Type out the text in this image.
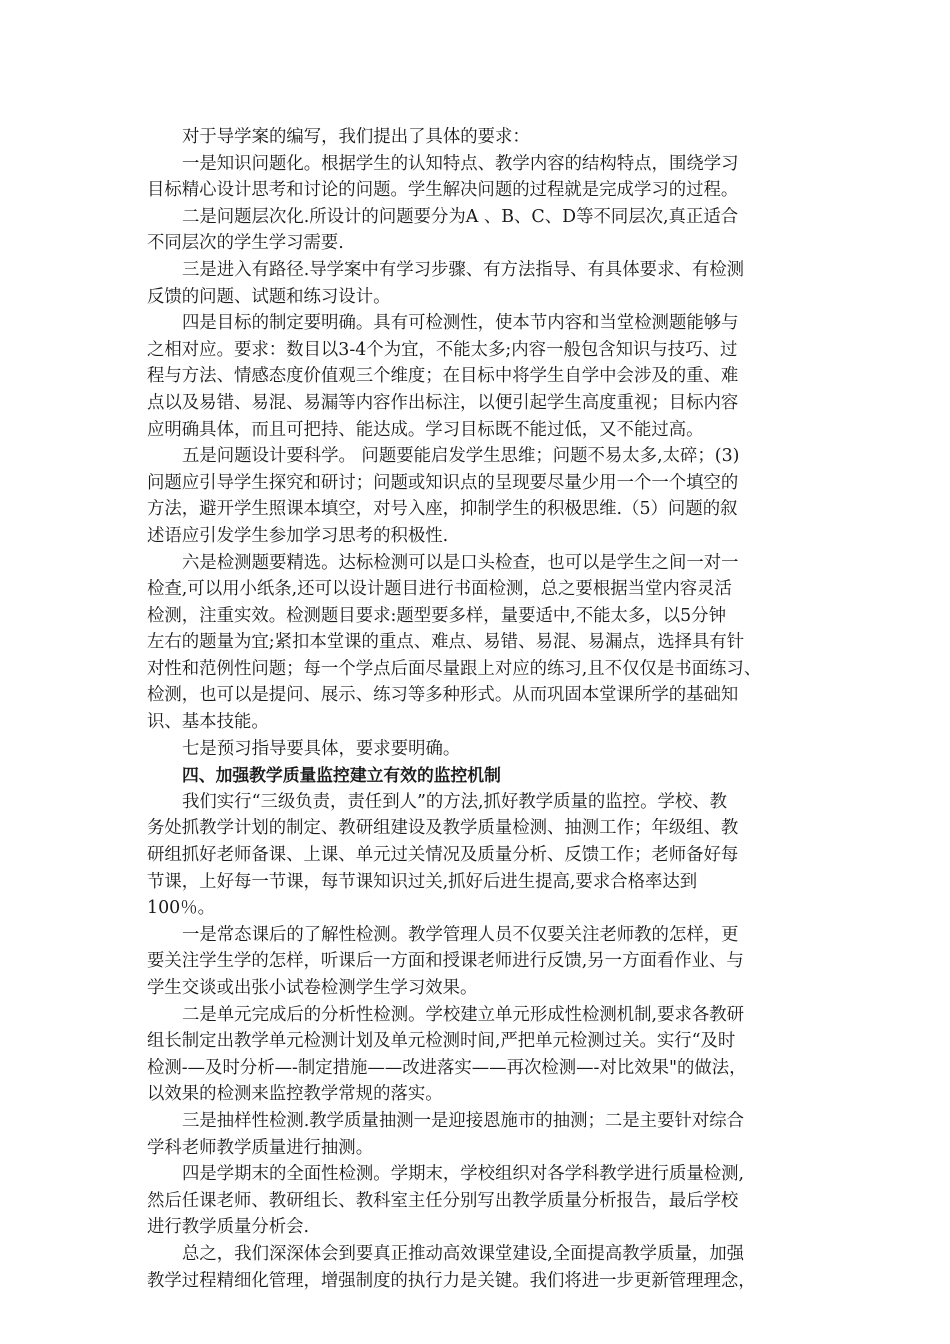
对于导学案的编写，我们提出了具体的要求：
一是知识问题化。根据学生的认知特点、教学内容的结构特点，围绕学习
目标精心设计思考和讨论的问题。学生解决问题的过程就是完成学习的过程。
二是问题层次化.所设计的问题要分为A 、B、C、D等不同层次,真正适合
不同层次的学生学习需要.
三是进入有路径.导学案中有学习步骤、有方法指导、有具体要求、有检测
反馈的问题、试题和练习设计。
四是目标的制定要明确。具有可检测性，使本节内容和当堂检测题能够与
之相对应。要求：数目以3-4个为宜，不能太多;内容一般包含知识与技巧、过
程与方法、情感态度价值观三个维度；在目标中将学生自学中会涉及的重、难
点以及易错、易混、易漏等内容作出标注，以便引起学生高度重视；目标内容
应明确具体，而且可把持、能达成。学习目标既不能过低，又不能过高。
五是问题设计要科学。 问题要能启发学生思维；问题不易太多,太碎；(3)
问题应引导学生探究和研讨；问题或知识点的呈现要尽量少用一个一个填空的
方法，避开学生照课本填空，对号入座，抑制学生的积极思维.（5）问题的叙
述语应引发学生参加学习思考的积极性.
六是检测题要精选。达标检测可以是口头检查，也可以是学生之间一对一
检查,可以用小纸条,还可以设计题目进行书面检测，总之要根据当堂内容灵活
检测，注重实效。检测题目要求:题型要多样，量要适中,不能太多，以5分钟
左右的题量为宜;紧扣本堂课的重点、难点、易错、易混、易漏点，选择具有针
对性和范例性问题；每一个学点后面尽量跟上对应的练习,且不仅仅是书面练习、
检测，也可以是提问、展示、练习等多种形式。从而巩固本堂课所学的基础知
识、基本技能。
七是预习指导要具体，要求要明确。
四、加强教学质量监控建立有效的监控机制
我们实行“三级负责，责任到人”的方法,抓好教学质量的监控。学校、教
务处抓教学计划的制定、教研组建设及教学质量检测、抽测工作；年级组、教
研组抓好老师备课、上课、单元过关情况及质量分析、反馈工作；老师备好每
节课，上好每一节课，每节课知识过关,抓好后进生提高,要求合格率达到
100％。
一是常态课后的了解性检测。教学管理人员不仅要关注老师教的怎样，更
要关注学生学的怎样，听课后一方面和授课老师进行反馈,另一方面看作业、与
学生交谈或出张小试卷检测学生学习效果。
二是单元完成后的分析性检测。学校建立单元形成性检测机制,要求各教研
组长制定出教学单元检测计划及单元检测时间,严把单元检测过关。实行“及时
检测-—及时分析—-制定措施——改进落实——再次检测—-对比效果"的做法，
以效果的检测来监控教学常规的落实。
三是抽样性检测.教学质量抽测一是迎接恩施市的抽测；二是主要针对综合
学科老师教学质量进行抽测。
四是学期末的全面性检测。学期末，学校组织对各学科教学进行质量检测,
然后任课老师、教研组长、教科室主任分别写出教学质量分析报告，最后学校
进行教学质量分析会.
总之，我们深深体会到要真正推动高效课堂建设,全面提高教学质量，加强
教学过程精细化管理，增强制度的执行力是关键。我们将进一步更新管理理念，
